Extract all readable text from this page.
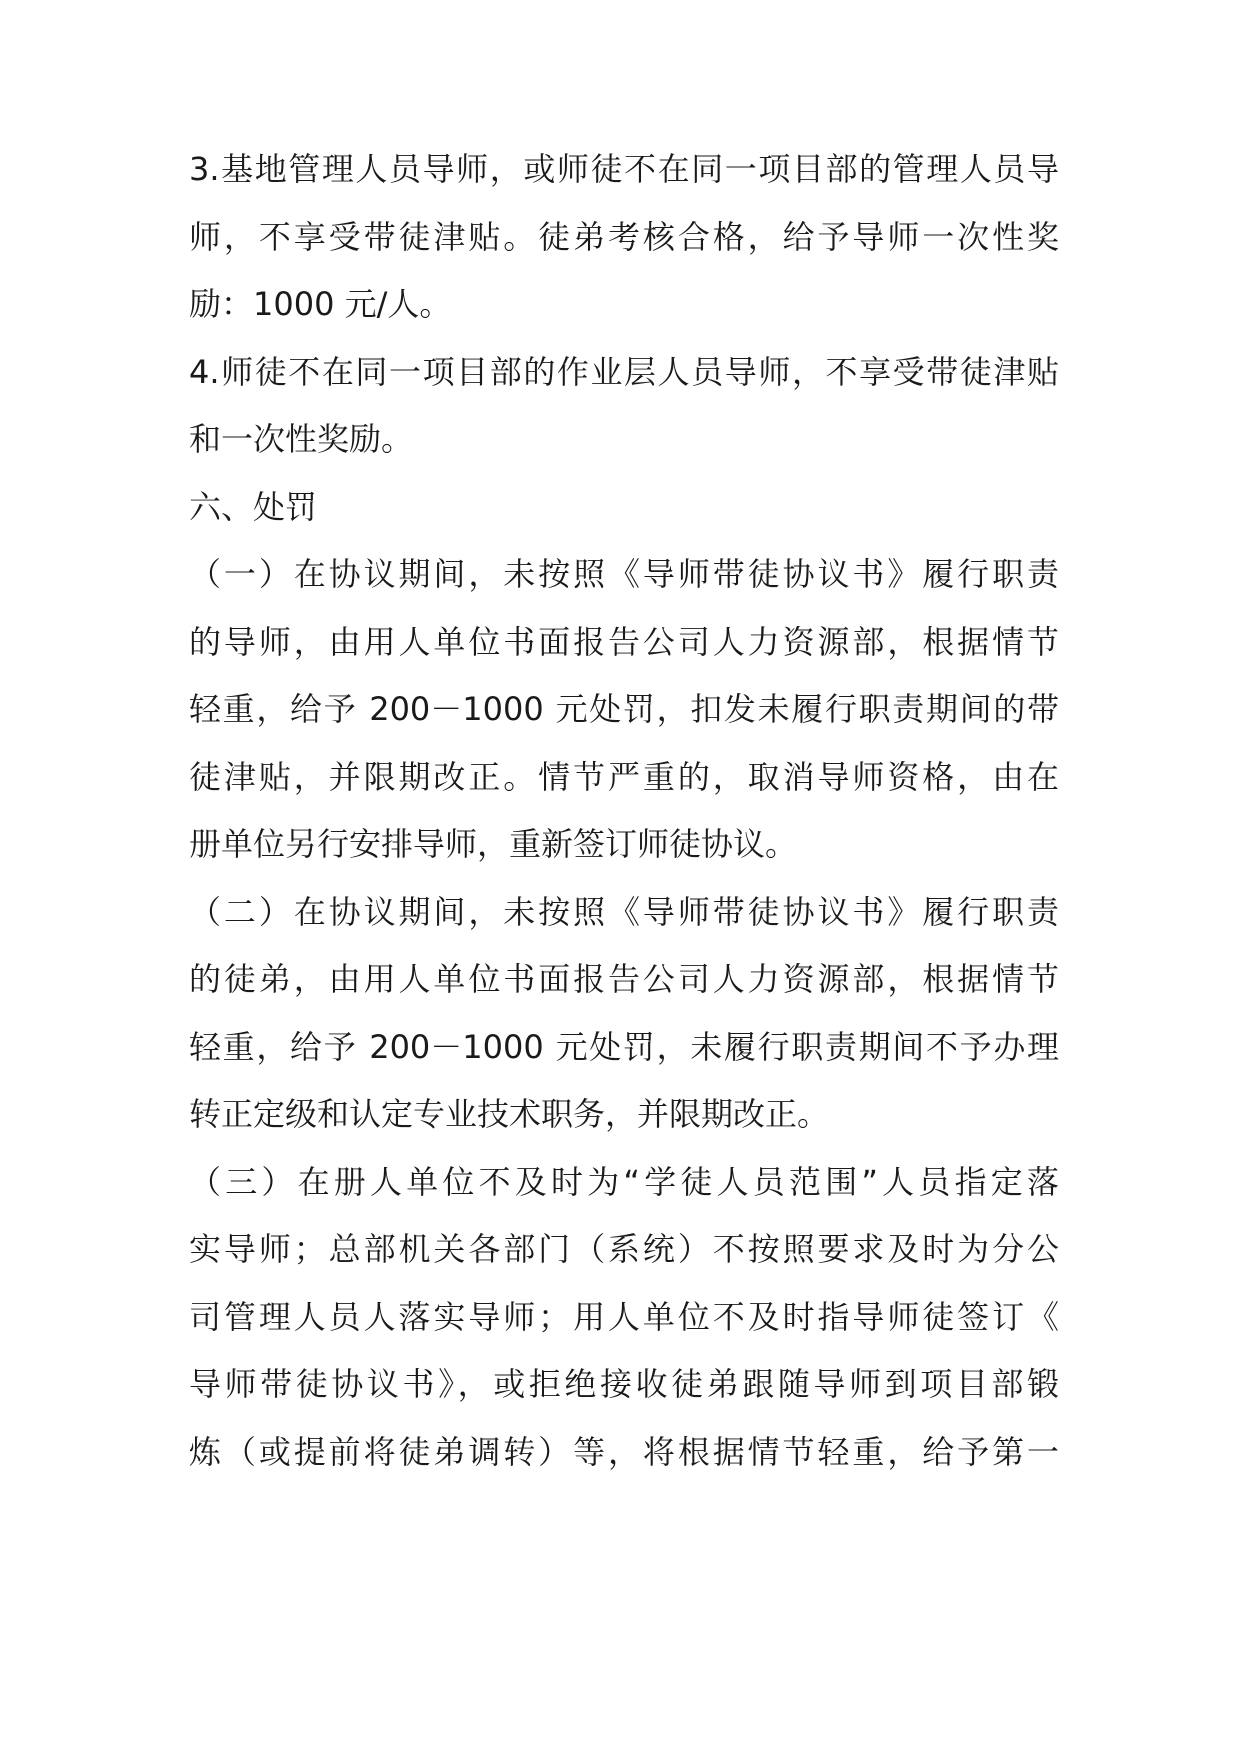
3.基地管理人员导师，或师徒不在同一项目部的管理人员导
师，不享受带徒津贴。徒弟考核合格，给予导师一次性奖
励：1000 元/人。
4.师徒不在同一项目部的作业层人员导师，不享受带徒津贴
和一次性奖励。
六、处罚
（一）在协议期间，未按照《导师带徒协议书》履行职责
的导师，由用人单位书面报告公司人力资源部，根据情节
轻重，给予 200－1000 元处罚，扣发未履行职责期间的带
徒津贴，并限期改正。情节严重的，取消导师资格，由在
册单位另行安排导师，重新签订师徒协议。
（二）在协议期间，未按照《导师带徒协议书》履行职责
的徒弟，由用人单位书面报告公司人力资源部，根据情节
轻重，给予 200－1000 元处罚，未履行职责期间不予办理
转正定级和认定专业技术职务，并限期改正。
（三）在册人单位不及时为“学徒人员范围”人员指定落
实导师；总部机关各部门（系统）不按照要求及时为分公
司管理人员人落实导师；用人单位不及时指导师徒签订《
导师带徒协议书》，或拒绝接收徒弟跟随导师到项目部锻
炼（或提前将徒弟调转）等，将根据情节轻重，给予第一
